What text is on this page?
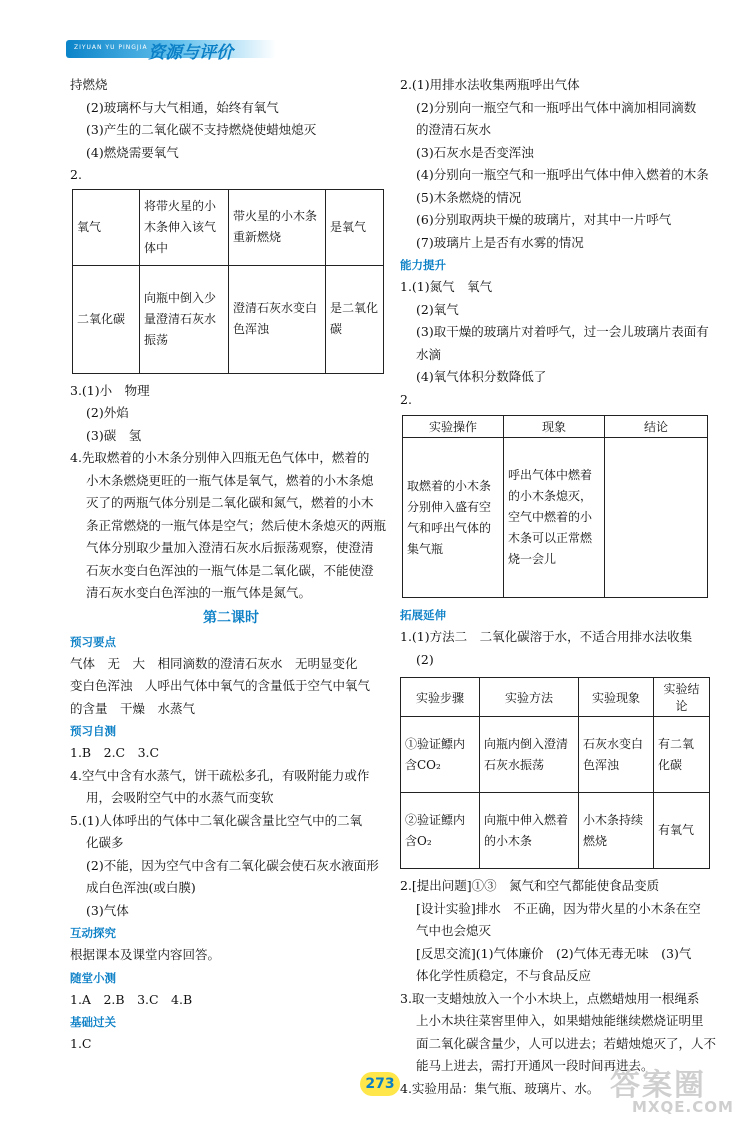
ZIYUAN YU PINGJIA 资源与评价
持燃烧
(2)玻璃杯与大气相通，始终有氧气
(3)产生的二氧化碳不支持燃烧使蜡烛熄灭
(4)燃烧需要氧气
2.
氧气	将带火星的小木条伸入该气体中	带火星的小木条重新燃烧	是氧气
二氧化碳	向瓶中倒入少量澄清石灰水振荡	澄清石灰水变白色浑浊	是二氧化碳
3.(1)小　物理
(2)外焰
(3)碳　氢
4.先取燃着的小木条分别伸入四瓶无色气体中，燃着的
小木条燃烧更旺的一瓶气体是氧气，燃着的小木条熄
灭了的两瓶气体分别是二氧化碳和氮气，燃着的小木
条正常燃烧的一瓶气体是空气；然后使木条熄灭的两瓶
气体分别取少量加入澄清石灰水后振荡观察，使澄清
石灰水变白色浑浊的一瓶气体是二氧化碳，不能使澄
清石灰水变白色浑浊的一瓶气体是氮气。
第二课时
预习要点
气体　无　大　相同滴数的澄清石灰水　无明显变化
变白色浑浊　人呼出气体中氧气的含量低于空气中氧气
的含量　干燥　水蒸气
预习自测
1.B　2.C　3.C
4.空气中含有水蒸气，饼干疏松多孔，有吸附能力或作
用，会吸附空气中的水蒸气而变软
5.(1)人体呼出的气体中二氧化碳含量比空气中的二氧
化碳多
(2)不能，因为空气中含有二氧化碳会使石灰水液面形
成白色浑浊(或白膜)
(3)气体
互动探究
根据课本及课堂内容回答。
随堂小测
1.A　2.B　3.C　4.B
基础过关
1.C
2.(1)用排水法收集两瓶呼出气体
(2)分别向一瓶空气和一瓶呼出气体中滴加相同滴数
的澄清石灰水
(3)石灰水是否变浑浊
(4)分别向一瓶空气和一瓶呼出气体中伸入燃着的木条
(5)木条燃烧的情况
(6)分别取两块干燥的玻璃片，对其中一片呼气
(7)玻璃片上是否有水雾的情况
能力提升
1.(1)氮气　氧气
(2)氧气
(3)取干燥的玻璃片对着呼气，过一会儿玻璃片表面有
水滴
(4)氧气体积分数降低了
2.
实验操作	现象	结论
取燃着的小木条分别伸入盛有空气和呼出气体的集气瓶	呼出气体中燃着的小木条熄灭，空气中燃着的小木条可以正常燃烧一会儿	
拓展延伸
1.(1)方法二　二氧化碳溶于水，不适合用排水法收集
(2)
实验步骤	实验方法	实验现象	实验结论
①验证鳔内含CO₂	向瓶内倒入澄清石灰水振荡	石灰水变白色浑浊	有二氧化碳
②验证鳔内含O₂	向瓶中伸入燃着的小木条	小木条持续燃烧	有氧气
2.[提出问题]①③　氮气和空气都能使食品变质
[设计实验]排水　不正确，因为带火星的小木条在空
气中也会熄灭
[反思交流](1)气体廉价　(2)气体无毒无味　(3)气
体化学性质稳定，不与食品反应
3.取一支蜡烛放入一个小木块上，点燃蜡烛用一根绳系
上小木块往菜窖里伸入，如果蜡烛能继续燃烧证明里
面二氧化碳含量少，人可以进去；若蜡烛熄灭了，人不
能马上进去，需打开通风一段时间再进去。
4.实验用品：集气瓶、玻璃片、水。
273	答案圈
MXQE.COM
